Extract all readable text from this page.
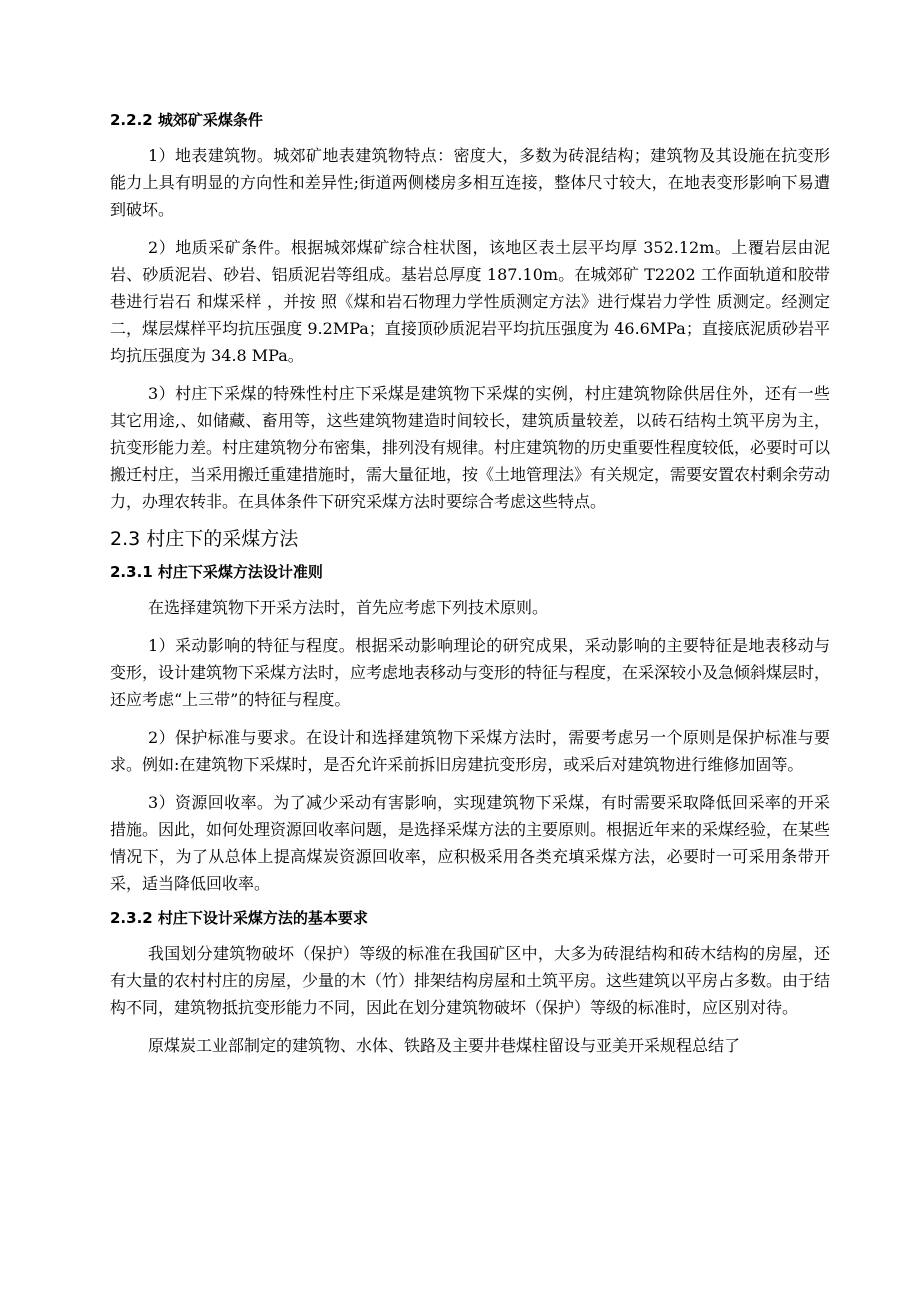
2.2.2 城郊矿采煤条件

1）地表建筑物。城郊矿地表建筑物特点：密度大，多数为砖混结构；建筑物及其设施在抗变形能力上具有明显的方向性和差异性;街道两侧楼房多相互连接，整体尺寸较大，在地表变形影响下易遭到破坏。

2）地质采矿条件。根据城郊煤矿综合柱状图，该地区表土层平均厚 352.12m。上覆岩层由泥岩、砂质泥岩、砂岩、铝质泥岩等组成。基岩总厚度 187.10m。在城郊矿 T2202 工作面轨道和胶带巷进行岩石 和煤采样 ，并按 照《煤和岩石物理力学性质测定方法》进行煤岩力学性 质测定。经测定二，煤层煤样平均抗压强度 9.2MPa；直接顶砂质泥岩平均抗压强度为 46.6MPa；直接底泥质砂岩平均抗压强度为 34.8 MPa。

3）村庄下采煤的特殊性村庄下采煤是建筑物下采煤的实例，村庄建筑物除供居住外，还有一些其它用途,、如储藏、畜用等，这些建筑物建造时间较长，建筑质量较差，以砖石结构土筑平房为主，抗变形能力差。村庄建筑物分布密集，排列没有规律。村庄建筑物的历史重要性程度较低，必要时可以搬迁村庄，当采用搬迁重建措施时，需大量征地，按《土地管理法》有关规定，需要安置农村剩余劳动力，办理农转非。在具体条件下研究采煤方法时要综合考虑这些特点。

2.3 村庄下的采煤方法
2.3.1 村庄下采煤方法设计准则

在选择建筑物下开采方法时，首先应考虑下列技术原则。

1）采动影响的特征与程度。根据采动影响理论的研究成果，采动影响的主要特征是地表移动与变形，设计建筑物下采煤方法时，应考虑地表移动与变形的特征与程度，在采深较小及急倾斜煤层时，还应考虑“上三带”的特征与程度。

2）保护标准与要求。在设计和选择建筑物下采煤方法时，需要考虑另一个原则是保护标准与要求。例如:在建筑物下采煤时，是否允许采前拆旧房建抗变形房，或采后对建筑物进行维修加固等。

3）资源回收率。为了减少采动有害影响，实现建筑物下采煤，有时需要采取降低回采率的开采措施。因此，如何处理资源回收率问题，是选择采煤方法的主要原则。根据近年来的采煤经验，在某些情况下，为了从总体上提高煤炭资源回收率，应积极采用各类充填采煤方法，必要时一可采用条带开采，适当降低回收率。

2.3.2 村庄下设计采煤方法的基本要求

我国划分建筑物破坏（保护）等级的标准在我国矿区中，大多为砖混结构和砖木结构的房屋，还有大量的农村村庄的房屋，少量的木（竹）排架结构房屋和土筑平房。这些建筑以平房占多数。由于结构不同，建筑物抵抗变形能力不同，因此在划分建筑物破坏（保护）等级的标准时，应区别对待。

原煤炭工业部制定的建筑物、水体、铁路及主要井巷煤柱留设与亚美开采规程总结了
